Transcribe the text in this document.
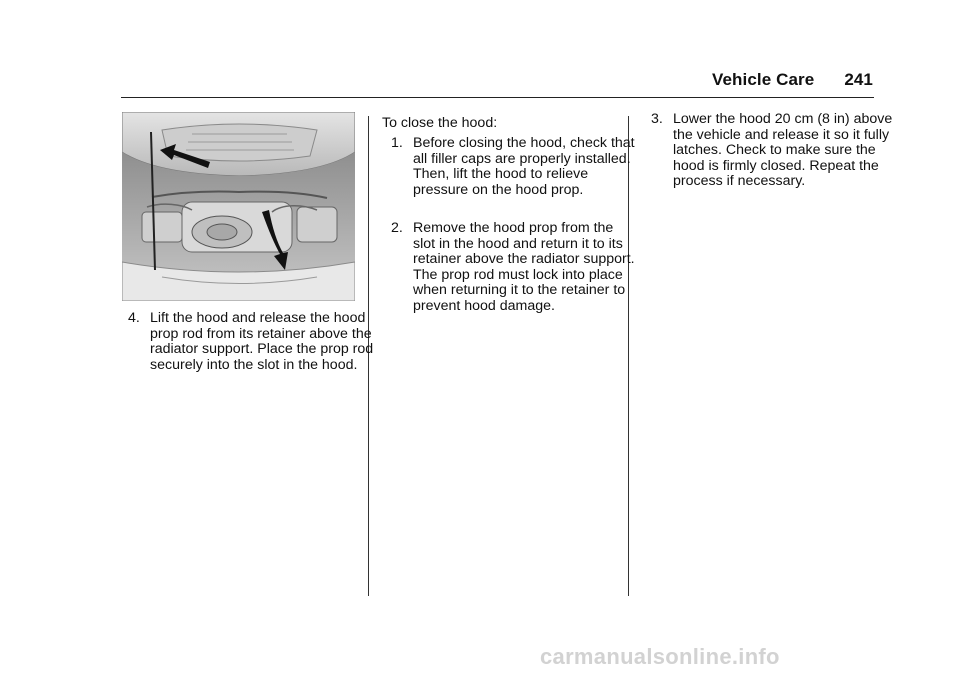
Vehicle Care 241
4. Lift the hood and release the hood prop rod from its retainer above the radiator support. Place the prop rod securely into the slot in the hood.
To close the hood:
1. Before closing the hood, check that all filler caps are properly installed. Then, lift the hood to relieve pressure on the hood prop.
2. Remove the hood prop from the slot in the hood and return it to its retainer above the radiator support. The prop rod must lock into place when returning it to the retainer to prevent hood damage.
3. Lower the hood 20 cm (8 in) above the vehicle and release it so it fully latches. Check to make sure the hood is firmly closed. Repeat the process if necessary.
carmanualsonline.info
